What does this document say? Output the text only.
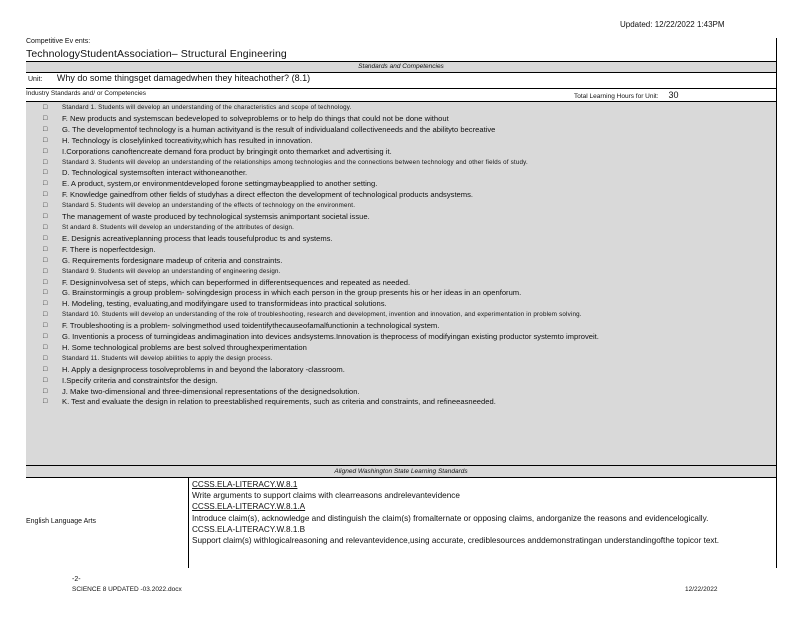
Updated: 12/22/2022 1:43PM
Competitive Ev ents:
TechnologyStudentAssociation– Structural Engineering
Standards and Competencies
Unit: Why do some thingsget damagedwhen they hiteachother? (8.1)
Industry Standards and/ or Competencies	Total Learning Hours for Unit: 30
□ Standard 1. Students will develop an understanding of the characteristics and scope of technology.
□ F. New products and systemscan bedeveloped to solveproblems or to help do things that could not be done without
□ G. The developmentof technology is a human activityand is the result of individualand collectiveneeds and the abilityto becreative
□ H. Technology is closelylinked tocreativity,which has resulted in innovation.
□ I.Corporations canoftencreate demand fora product by bringingit onto themarket and advertising it.
□ Standard 3. Students will develop an understanding of the relationships among technologies and the connections between technology and other fields of study.
□ D. Technological systemsoften interact withoneanother.
□ E. A product, system,or environmentdeveloped forone settingmaybeapplied to another setting.
□ F. Knowledge gainedfrom other fields of studyhas a direct effecton the development of technological products andsystems.
□ Standard 5. Students will develop an understanding of the effects of technology on the environment.
□ The management of waste produced by technological systemsis animportant societal issue.
□ St andard 8. Students will develop an understanding of the attributes of design.
□ E. Designis acreativeplanning process that leads tousefulproduc ts and systems.
□ F. There is noperfectdesign.
□ G. Requirements fordesignare madeup of criteria and constraints.
□ Standard 9. Students will develop an understanding of engineering design.
□ F. Designinvolvesa set of steps, which can beperformed in differentsequences and repeated as needed.
□ G. Brainstormingis a group problem- solvingdesign process in which each person in the group presents his or her ideas in an openforum.
□ H. Modeling, testing, evaluating,and modifyingare used to transformideas into practical solutions.
□ Standard 10. Students will develop an understanding of the role of troubleshooting, research and development, invention and innovation, and experimentation in problem solving.
□ F. Troubleshooting is a problem- solvingmethod used toidentifythecauseofamalfunctionin a technological system.
□ G. Inventionis a process of turningideas andimagination into devices andsystems.Innovation is theprocess of modifyingan existing productor systemto improveit.
□ H. Some technological problems are best solved throughexperimentation
□ Standard 11. Students will develop abilities to apply the design process.
□ H. Apply a designprocess tosolveproblems in and beyond the laboratory -classroom.
□ I.Specify criteria and constraintsfor the design.
□ J. Make two-dimensional and three-dimensional representations of the designedsolution.
□ K. Test and evaluate the design in relation to preestablished requirements, such as criteria and constraints, and refineeasneeded.
Aligned Washington State Learning Standards
English Language Arts
CCSS.ELA-LITERACY.W.8.1
Write arguments to support claims with clearreasons andrelevantevidence
CCSS.ELA-LITERACY.W.8.1.A
Introduce claim(s), acknowledge and distinguish the claim(s) fromalternate or opposing claims, andorganize the reasons and evidencelogically.
CCSS.ELA-LITERACY.W.8.1.B
Support claim(s) withlogicalreasoning and relevantevidence,using accurate, crediblesources anddemonstratingan understandingofthe topicor text.
-2-
SCIENCE 8 UPDATED -03.2022.docx	12/22/2022
